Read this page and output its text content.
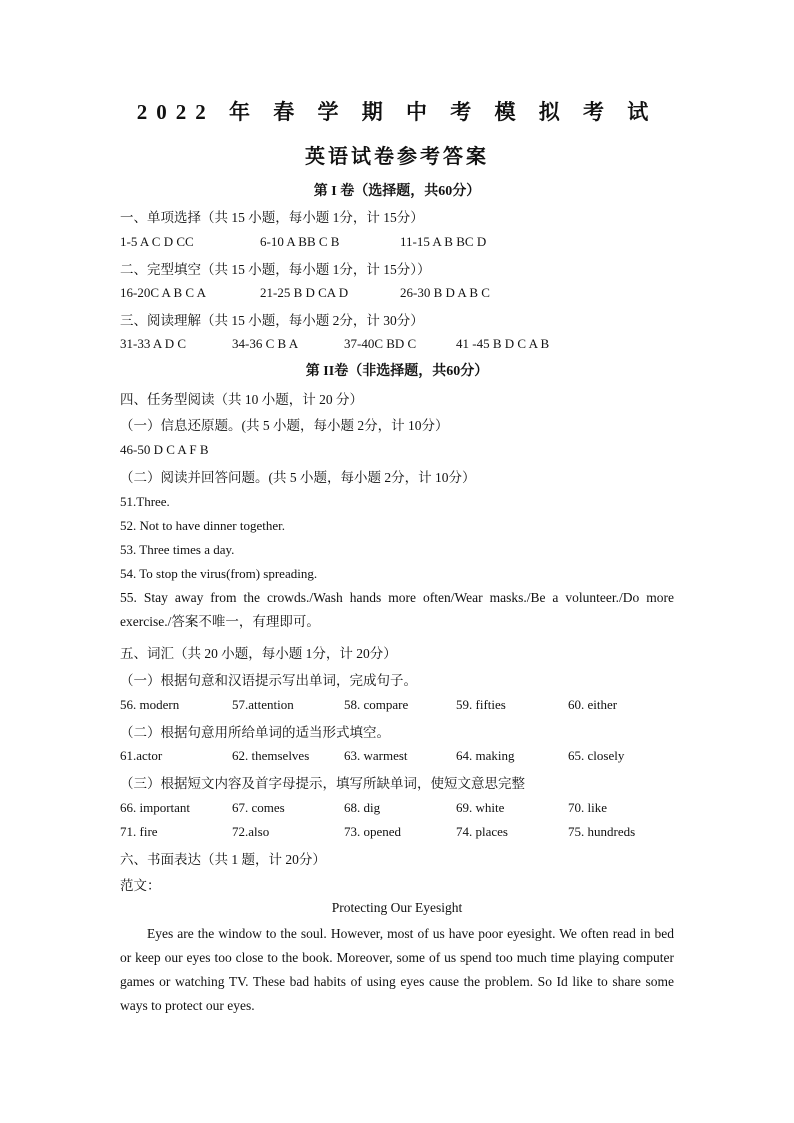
2022 年 春 学 期 中 考 模 拟 考 试
英语试卷参考答案
第 I 卷（选择题，共60分）
一、单项选择（共 15 小题，每小题 1分，计 15分）
1-5 A C D CC	6-10 A BB C B	11-15 A B BC D
二、完型填空（共 15 小题，每小题 1分，计 15分））
16-20C A B C A	21-25 B D CA D	26-30 B D A B C
三、阅读理解（共 15 小题，每小题 2分，计 30分）
31-33 A D C	34-36 C B A	37-40C BD C	41 -45 B D C A B
第 II卷（非选择题，共60分）
四、任务型阅读（共 10 小题，计 20 分）
（一）信息还原题。(共 5 小题，每小题 2分，计 10分）
46-50 D C A F B
（二）阅读并回答问题。(共 5 小题，每小题 2分，计 10分）
51.Three.
52. Not to have dinner together.
53. Three times a day.
54. To stop the virus(from) spreading.
55. Stay away from the crowds./Wash hands more often/Wear masks./Be a volunteer./Do more exercise./答案不唯一，有理即可。
五、词汇（共 20 小题，每小题 1分，计 20分）
（一）根据句意和汉语提示写出单词，完成句子。
56. modern	57.attention	58. compare	59. fifties	60. either
（二）根据句意用所给单词的适当形式填空。
61.actor	62. themselves	63. warmest	64. making	65. closely
（三）根据短文内容及首字母提示，填写所缺单词，使短文意思完整
66. important	67. comes	68. dig	69. white	70. like
71. fire	72.also	73. opened	74. places	75. hundreds
六、书面表达（共 1 题，计 20分）
范文：
Protecting Our Eyesight
Eyes are the window to the soul. However, most of us have poor eyesight. We often read in bed or keep our eyes too close to the book. Moreover, some of us spend too much time playing computer games or watching TV. These bad habits of using eyes cause the problem. So Id like to share some ways to protect our eyes.
